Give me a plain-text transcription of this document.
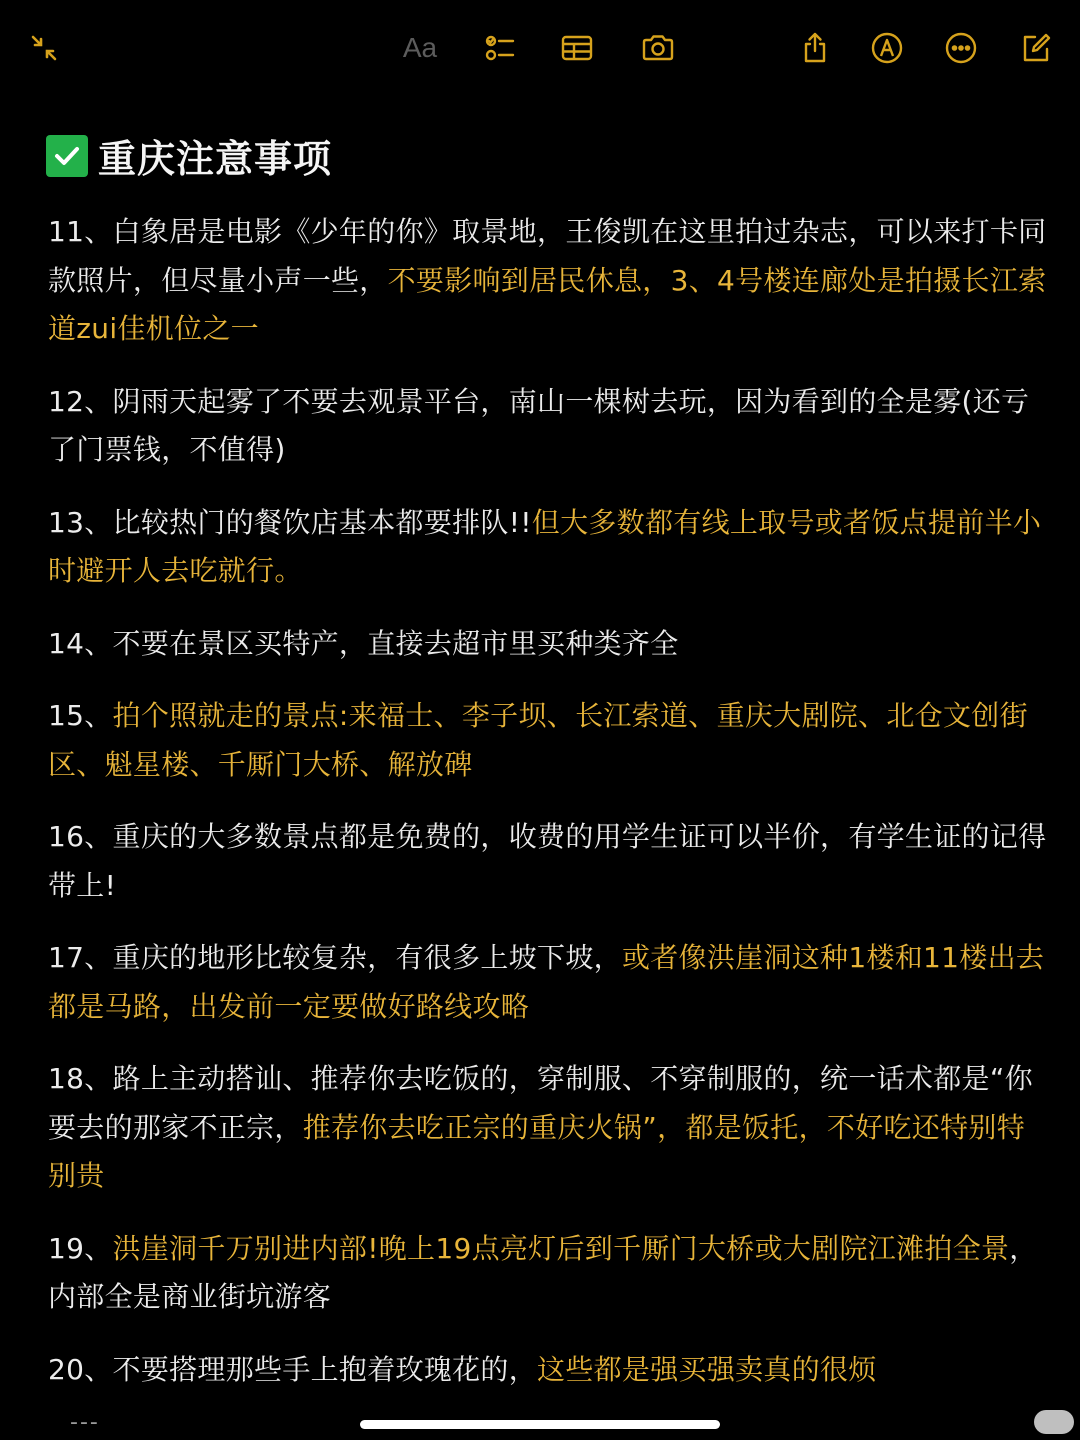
Aa
重庆注意事项

11、白象居是电影《少年的你》取景地，王俊凯在这里拍过杂志，可以来打卡同款照片，但尽量小声一些，不要影响到居民休息，3、4号楼连廊处是拍摄长江索道zui佳机位之一

12、阴雨天起雾了不要去观景平台，南山一棵树去玩，因为看到的全是雾(还亏了门票钱，不值得)

13、比较热门的餐饮店基本都要排队!!但大多数都有线上取号或者饭点提前半小时避开人去吃就行。

14、不要在景区买特产，直接去超市里买种类齐全

15、拍个照就走的景点:来福士、李子坝、长江索道、重庆大剧院、北仓文创街区、魁星楼、千厮门大桥、解放碑

16、重庆的大多数景点都是免费的，收费的用学生证可以半价，有学生证的记得带上!

17、重庆的地形比较复杂，有很多上坡下坡，或者像洪崖洞这种1楼和11楼出去都是马路，出发前一定要做好路线攻略

18、路上主动搭讪、推荐你去吃饭的，穿制服、不穿制服的，统一话术都是“你要去的那家不正宗，推荐你去吃正宗的重庆火锅”，都是饭托，不好吃还特别特别贵

19、洪崖洞千万别进内部!晚上19点亮灯后到千厮门大桥或大剧院江滩拍全景，内部全是商业街坑游客

20、不要搭理那些手上抱着玫瑰花的，这些都是强买强卖真的很烦

---
